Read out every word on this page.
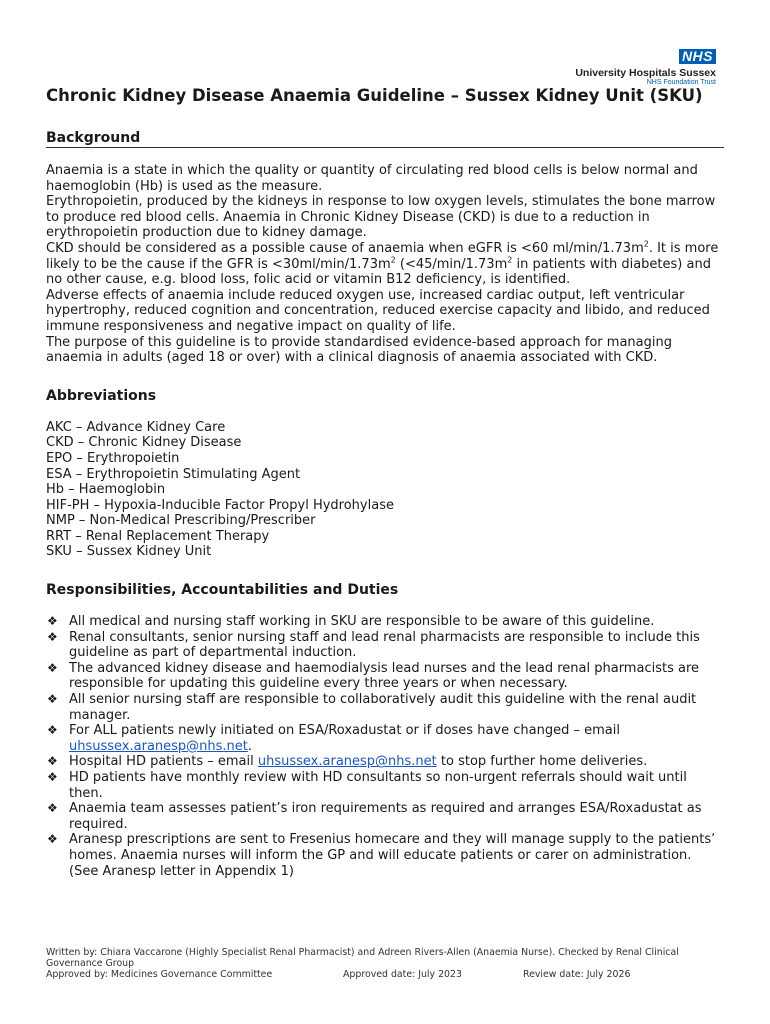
NHS
University Hospitals Sussex
NHS Foundation Trust
Chronic Kidney Disease Anaemia Guideline – Sussex Kidney Unit (SKU)
Background

Anaemia is a state in which the quality or quantity of circulating red blood cells is below normal and haemoglobin (Hb) is used as the measure.

Erythropoietin, produced by the kidneys in response to low oxygen levels, stimulates the bone marrow to produce red blood cells. Anaemia in Chronic Kidney Disease (CKD) is due to a reduction in erythropoietin production due to kidney damage.

CKD should be considered as a possible cause of anaemia when eGFR is <60 $ml/\min/1.73m^2$. It is more likely to be the cause if the GFR is $<30ml/\min/1.73m^2$ ($<45/\min/1.73m^2$ in patients with diabetes) and no other cause, e.g. blood loss, folic acid or vitamin B12 deficiency, is identified.

Adverse effects of anaemia include reduced oxygen use, increased cardiac output, left ventricular hypertrophy, reduced cognition and concentration, reduced exercise capacity and libido, and reduced immune responsiveness and negative impact on quality of life.

The purpose of this guideline is to provide standardised evidence-based approach for managing anaemia in adults (aged 18 or over) with a clinical diagnosis of anaemia associated with CKD.

Abbreviations
AKC – Advance Kidney Care
CKD – Chronic Kidney Disease
EPO – Erythropoietin
ESA – Erythropoietin Stimulating Agent
Hb – Haemoglobin
HIF-PH – Hypoxia-Inducible Factor Propyl Hydrohylase
NMP – Non-Medical Prescribing/Prescriber
RRT – Renal Replacement Therapy
SKU – Sussex Kidney Unit
Responsibilities, Accountabilities and Duties
❖ All medical and nursing staff working in SKU are responsible to be aware of this guideline.
❖ Renal consultants, senior nursing staff and lead renal pharmacists are responsible to include this guideline as part of departmental induction.
❖ The advanced kidney disease and haemodialysis lead nurses and the lead renal pharmacists are responsible for updating this guideline every three years or when necessary.
❖ All senior nursing staff are responsible to collaboratively audit this guideline with the renal audit manager.
❖ For ALL patients newly initiated on ESA/Roxadustat or if doses have changed – email uhsussex.aranesp@nhs.net.
❖ Hospital HD patients – email uhsussex.aranesp@nhs.net to stop further home deliveries.
❖ HD patients have monthly review with HD consultants so non-urgent referrals should wait until then.
❖ Anaemia team assesses patient’s iron requirements as required and arranges ESA/Roxadustat as required.
❖ Aranesp prescriptions are sent to Fresenius homecare and they will manage supply to the patients’ homes. Anaemia nurses will inform the GP and will educate patients or carer on administration. (See Aranesp letter in Appendix 1)
Written by: Chiara Vaccarone (Highly Specialist Renal Pharmacist) and Adreen Rivers-Allen (Anaemia Nurse). Checked by Renal Clinical Governance Group
Approved by: Medicines Governance Committee	Approved date: July 2023	Review date: July 2026
